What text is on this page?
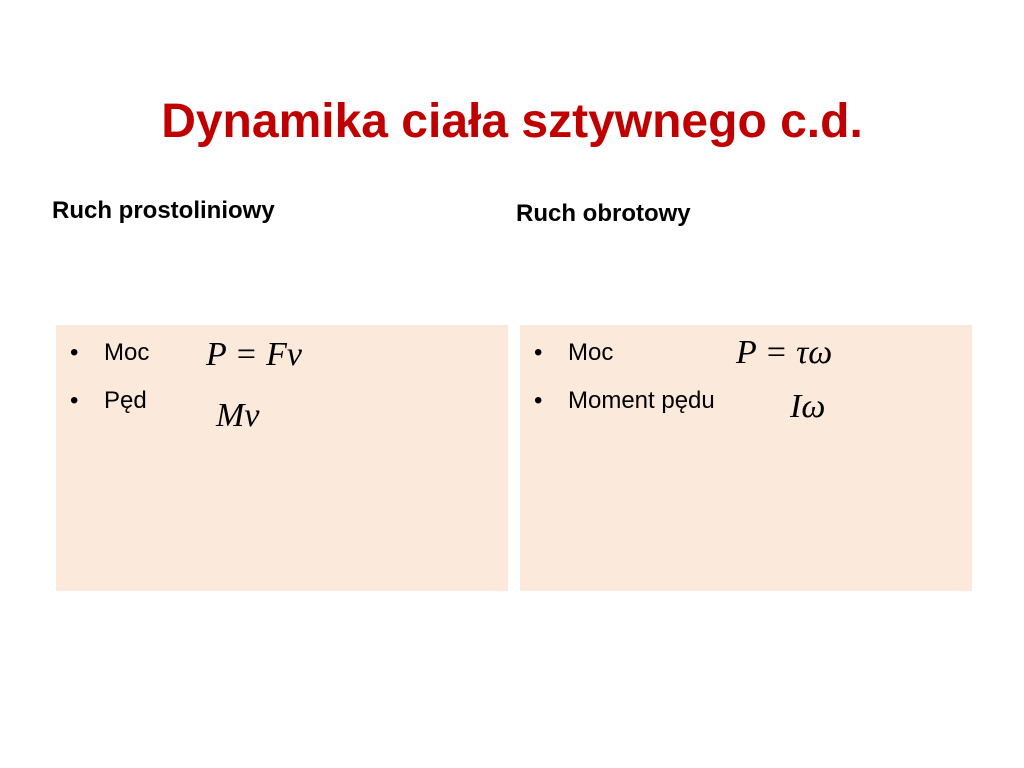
Dynamika ciała sztywnego c.d.
Ruch prostoliniowy	Ruch obrotowy
• Moc P = Fv
• Pęd Mv
• Moc	P = τω
• Moment pędu Iω
